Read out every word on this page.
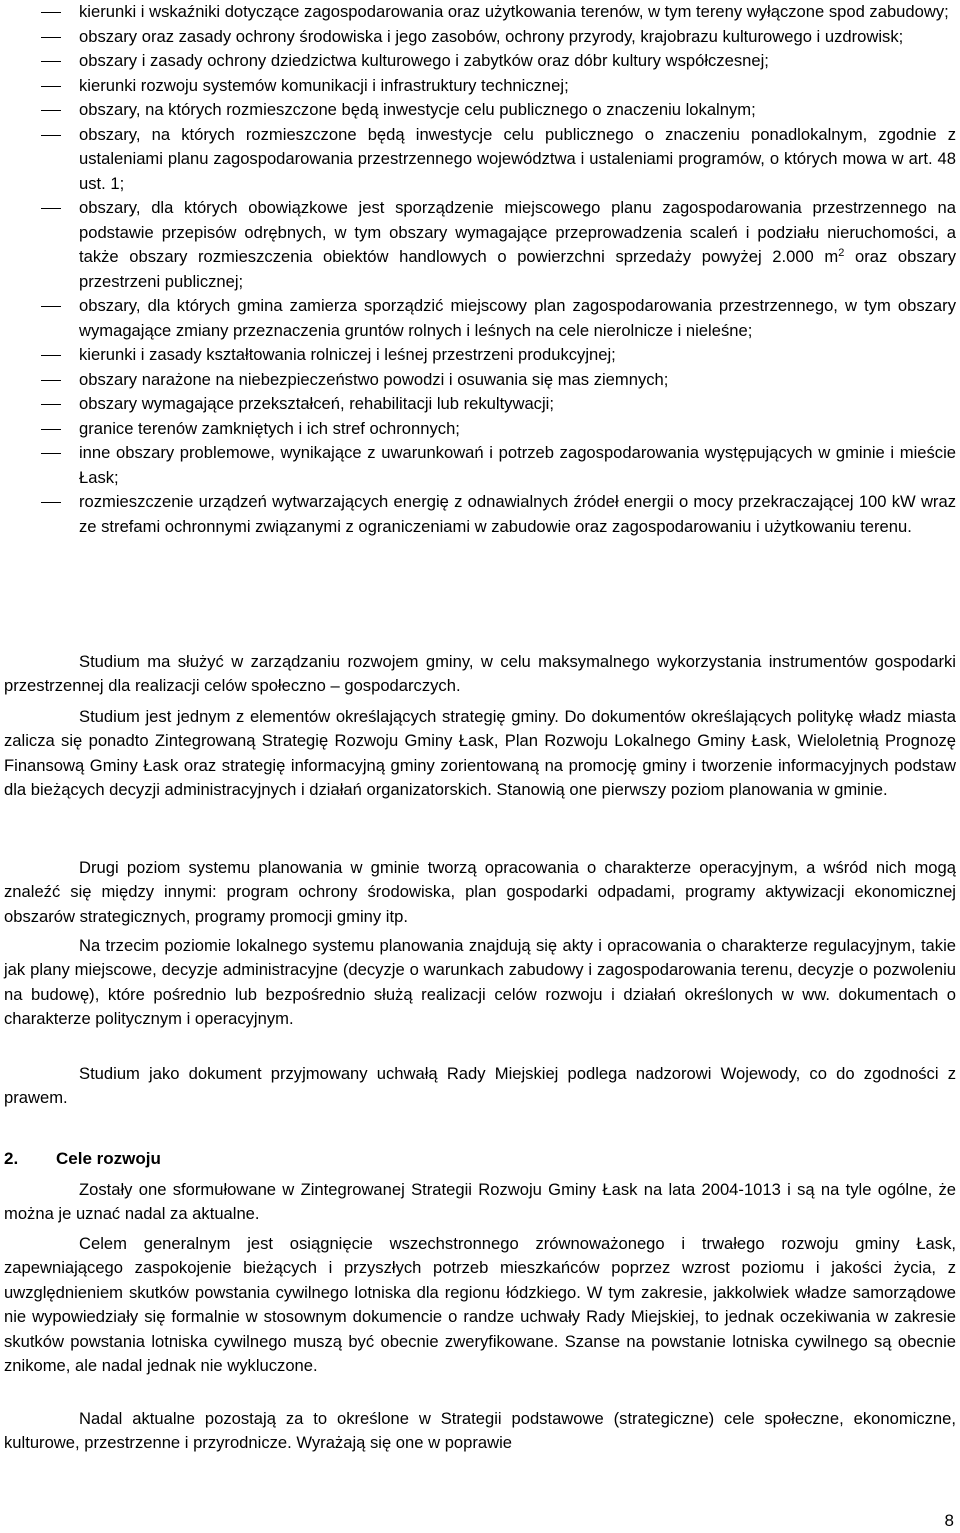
kierunki i wskaźniki dotyczące zagospodarowania oraz użytkowania terenów, w tym tereny wyłączone spod zabudowy;
obszary oraz zasady ochrony środowiska i jego zasobów, ochrony przyrody, krajobrazu kulturowego i uzdrowisk;
obszary i zasady ochrony dziedzictwa kulturowego i zabytków oraz dóbr kultury współczesnej;
kierunki rozwoju systemów komunikacji i infrastruktury technicznej;
obszary, na których rozmieszczone będą inwestycje celu publicznego o znaczeniu lokalnym;
obszary, na których rozmieszczone będą inwestycje celu publicznego o znaczeniu ponadlokalnym, zgodnie z ustaleniami planu zagospodarowania przestrzennego województwa i ustaleniami programów, o których mowa w art. 48 ust. 1;
obszary, dla których obowiązkowe jest sporządzenie miejscowego planu zagospodarowania przestrzennego na podstawie przepisów odrębnych, w tym obszary wymagające przeprowadzenia scaleń i podziału nieruchomości, a także obszary rozmieszczenia obiektów handlowych o powierzchni sprzedaży powyżej 2.000 $m^2$ oraz obszary przestrzeni publicznej;
obszary, dla których gmina zamierza sporządzić miejscowy plan zagospodarowania przestrzennego, w tym obszary wymagające zmiany przeznaczenia gruntów rolnych i leśnych na cele nierolnicze i nieleśne;
kierunki i zasady kształtowania rolniczej i leśnej przestrzeni produkcyjnej;
obszary narażone na niebezpieczeństwo powodzi i osuwania się mas ziemnych;
obszary wymagające przekształceń, rehabilitacji lub rekultywacji;
granice terenów zamkniętych i ich stref ochronnych;
inne obszary problemowe, wynikające z uwarunkowań i potrzeb zagospodarowania występujących w gminie i mieście Łask;
rozmieszczenie urządzeń wytwarzających energię z odnawialnych źródeł energii o mocy przekraczającej 100 kW wraz ze strefami ochronnymi związanymi z ograniczeniami w zabudowie oraz zagospodarowaniu i użytkowaniu terenu.

Studium ma służyć w zarządzaniu rozwojem gminy, w celu maksymalnego wykorzystania instrumentów gospodarki przestrzennej dla realizacji celów społeczno – gospodarczych.

Studium jest jednym z elementów określających strategię gminy. Do dokumentów określających politykę władz miasta zalicza się ponadto Zintegrowaną Strategię Rozwoju Gminy Łask, Plan Rozwoju Lokalnego Gminy Łask, Wieloletnią Prognozę Finansową Gminy Łask oraz strategię informacyjną gminy zorientowaną na promocję gminy i tworzenie informacyjnych podstaw dla bieżących decyzji administracyjnych i działań organizatorskich. Stanowią one pierwszy poziom planowania w gminie.

Drugi poziom systemu planowania w gminie tworzą opracowania o charakterze operacyjnym, a wśród nich mogą znaleźć się między innymi: program ochrony środowiska, plan gospodarki odpadami, programy aktywizacji ekonomicznej obszarów strategicznych, programy promocji gminy itp.

Na trzecim poziomie lokalnego systemu planowania znajdują się akty i opracowania o charakterze regulacyjnym, takie jak plany miejscowe, decyzje administracyjne (decyzje o warunkach zabudowy i zagospodarowania terenu, decyzje o pozwoleniu na budowę), które pośrednio lub bezpośrednio służą realizacji celów rozwoju i działań określonych w ww. dokumentach o charakterze politycznym i operacyjnym.

Studium jako dokument przyjmowany uchwałą Rady Miejskiej podlega nadzorowi Wojewody, co do zgodności z prawem.

2. Cele rozwoju

Zostały one sformułowane w Zintegrowanej Strategii Rozwoju Gminy Łask na lata 2004-1013 i są na tyle ogólne, że można je uznać nadal za aktualne.

Celem generalnym jest osiągnięcie wszechstronnego zrównoważonego i trwałego rozwoju gminy Łask, zapewniającego zaspokojenie bieżących i przyszłych potrzeb mieszkańców poprzez wzrost poziomu i jakości życia, z uwzględnieniem skutków powstania cywilnego lotniska dla regionu łódzkiego. W tym zakresie, jakkolwiek władze samorządowe nie wypowiedziały się formalnie w stosownym dokumencie o randze uchwały Rady Miejskiej, to jednak oczekiwania w zakresie skutków powstania lotniska cywilnego muszą być obecnie zweryfikowane. Szanse na powstanie lotniska cywilnego są obecnie znikome, ale nadal jednak nie wykluczone.

Nadal aktualne pozostają za to określone w Strategii podstawowe (strategiczne) cele społeczne, ekonomiczne, kulturowe, przestrzenne i przyrodnicze. Wyrażają się one w poprawie

8
